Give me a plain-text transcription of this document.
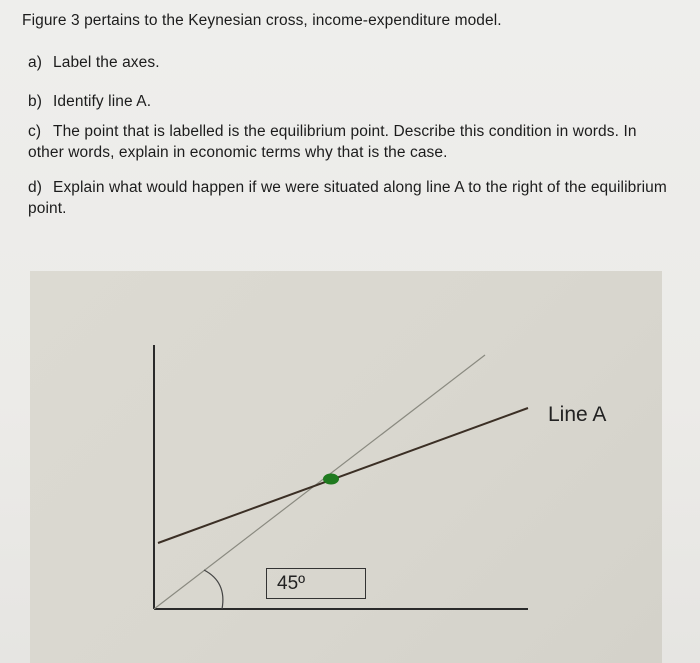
Figure 3 pertains to the Keynesian cross, income-expenditure model.
a) Label the axes.
b) Identify line A.
c) The point that is labelled is the equilibrium point. Describe this condition in words. In other words, explain in economic terms why that is the case.
d) Explain what would happen if we were situated along line A to the right of the equilibrium point.
Line A
45º
